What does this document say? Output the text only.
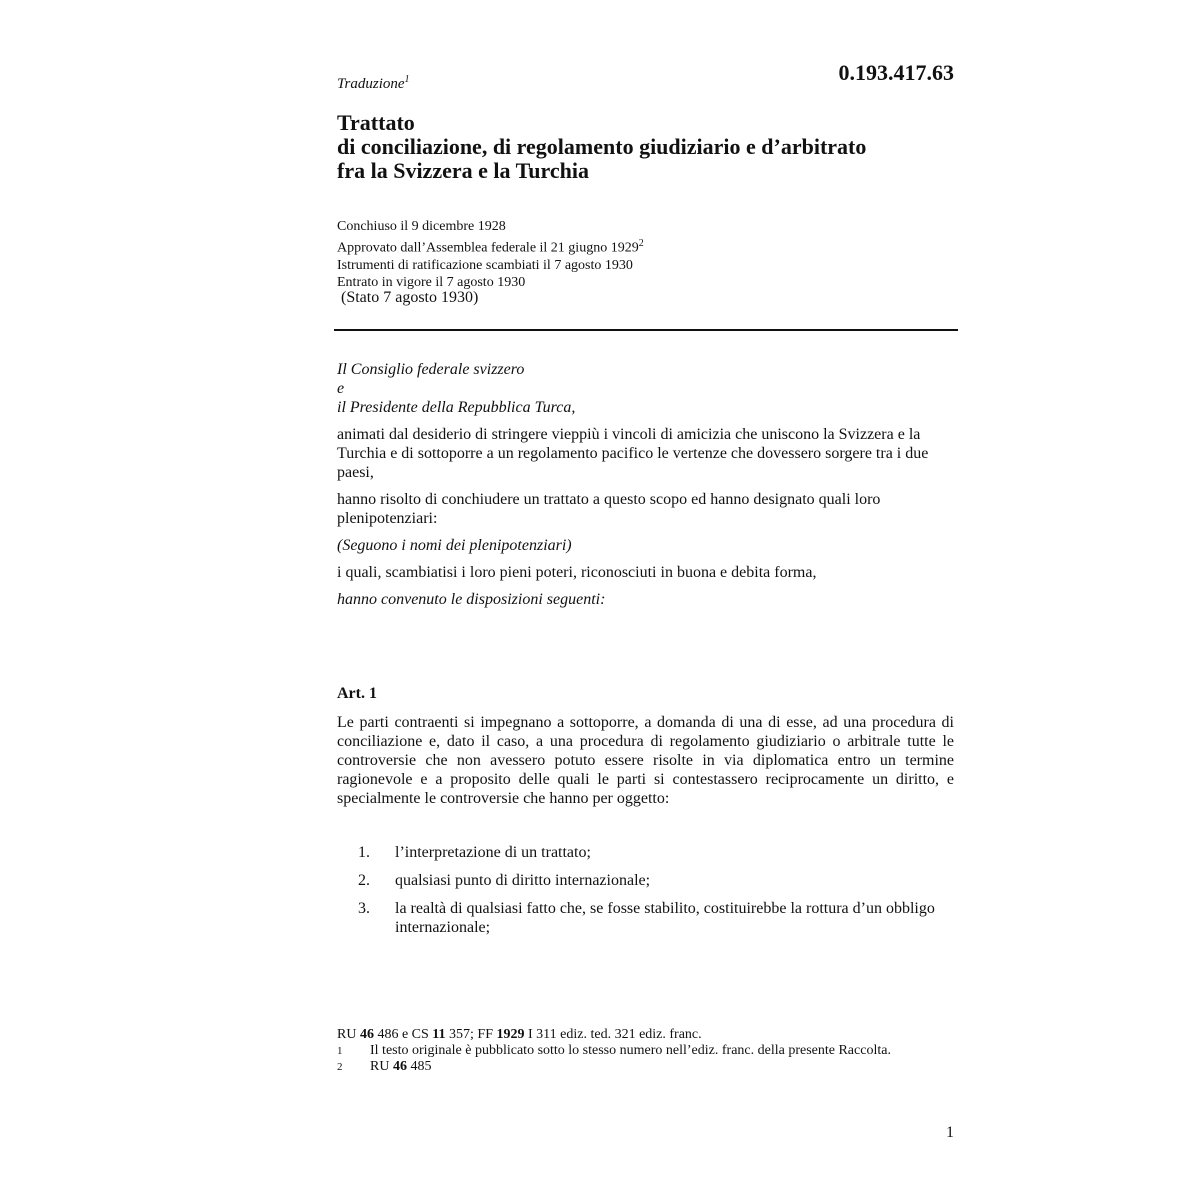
Traduzione$^1$	0.193.417.63
Trattato
di conciliazione, di regolamento giudiziario e d’arbitrato
fra la Svizzera e la Turchia
Conchiuso il 9 dicembre 1928
Approvato dall’Assemblea federale il 21 giugno 1929$^2$
Istrumenti di ratificazione scambiati il 7 agosto 1930
Entrato in vigore il 7 agosto 1930
(Stato 7 agosto 1930)

Il Consiglio federale svizzero

e

il Presidente della Repubblica Turca,

animati dal desiderio di stringere vieppiù i vincoli di amicizia che uniscono la Svizzera e la Turchia e di sottoporre a un regolamento pacifico le vertenze che dovessero sorgere tra i due paesi,

hanno risolto di conchiudere un trattato a questo scopo ed hanno designato quali loro plenipotenziari:

(Seguono i nomi dei plenipotenziari)

i quali, scambiatisi i loro pieni poteri, riconosciuti in buona e debita forma,

hanno convenuto le disposizioni seguenti:

Art. 1

Le parti contraenti si impegnano a sottoporre, a domanda di una di esse, ad una procedura di conciliazione e, dato il caso, a una procedura di regolamento giudiziario o arbitrale tutte le controversie che non avessero potuto essere risolte in via diplomatica entro un termine ragionevole e a proposito delle quali le parti si contestassero reciprocamente un diritto, e specialmente le controversie che hanno per oggetto:

1.	l’interpretazione di un trattato;
2.	qualsiasi punto di diritto internazionale;
3.	la realtà di qualsiasi fatto che, se fosse stabilito, costituirebbe la rottura d’un obbligo internazionale;

RU 46 486 e CS 11 357; FF 1929 I 311 ediz. ted. 321 ediz. franc.

1	Il testo originale è pubblicato sotto lo stesso numero nell’ediz. franc. della presente Raccolta.
2	RU 46 485
1
